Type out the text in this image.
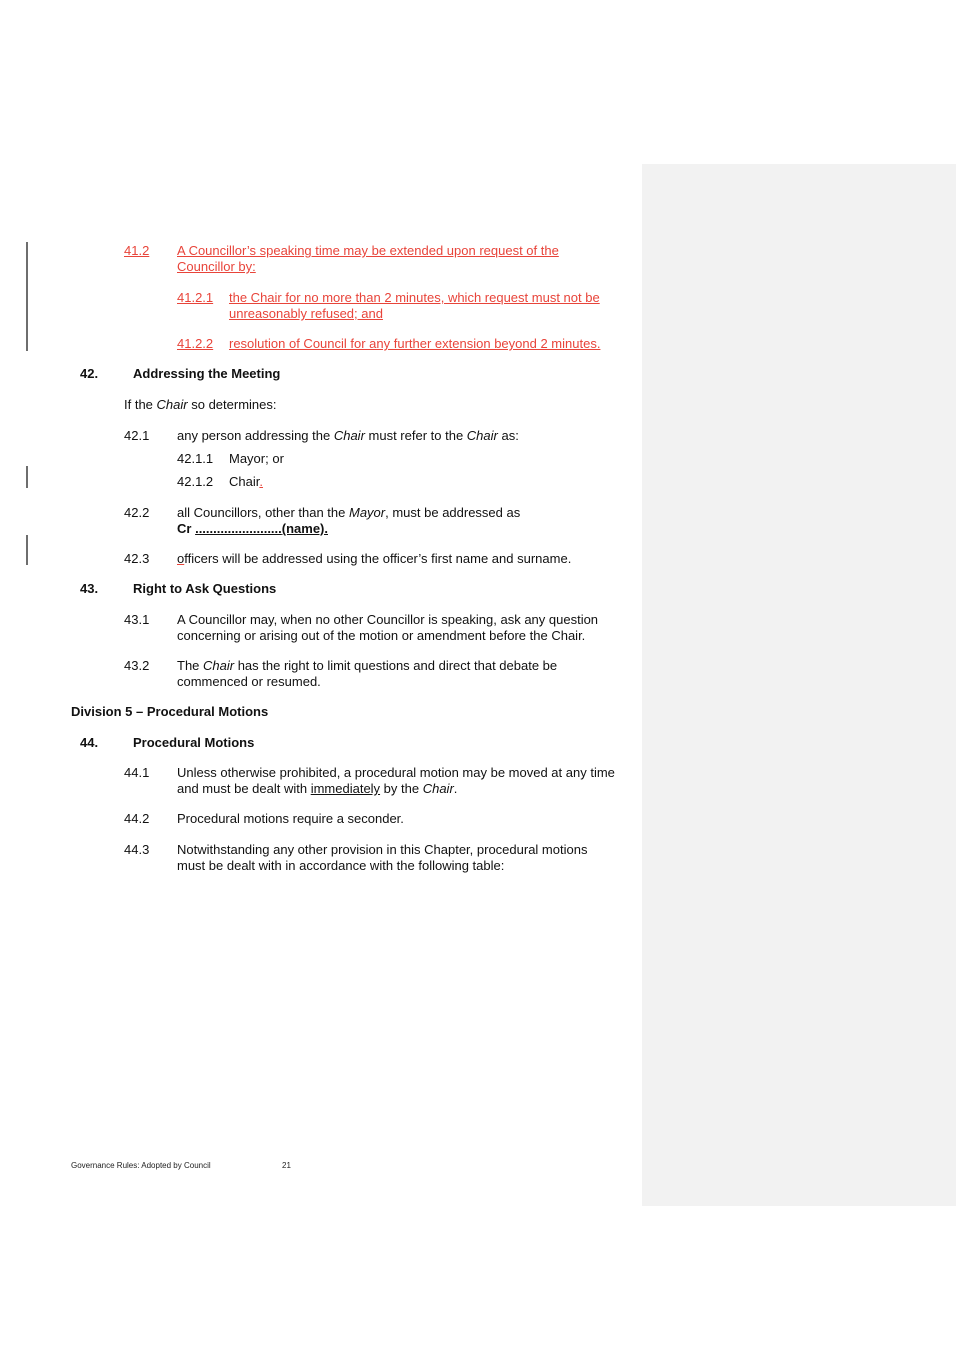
41.2 A Councillor’s speaking time may be extended upon request of the Councillor by:
41.2.1 the Chair for no more than 2 minutes, which request must not be unreasonably refused; and
41.2.2 resolution of Council for any further extension beyond 2 minutes.
42.	Addressing the Meeting
If the Chair so determines:
42.1 any person addressing the Chair must refer to the Chair as:
42.1.1 Mayor; or
42.1.2 Chair.
42.2 all Councillors, other than the Mayor, must be addressed as
Cr ........................(name).
42.3 officers will be addressed using the officer’s first name and surname.
43.	Right to Ask Questions
43.1 A Councillor may, when no other Councillor is speaking, ask any question concerning or arising out of the motion or amendment before the Chair.
43.2 The Chair has the right to limit questions and direct that debate be commenced or resumed.
Division 5 – Procedural Motions
44.	Procedural Motions
44.1 Unless otherwise prohibited, a procedural motion may be moved at any time and must be dealt with immediately by the Chair.
44.2 Procedural motions require a seconder.
44.3 Notwithstanding any other provision in this Chapter, procedural motions must be dealt with in accordance with the following table:
Governance Rules: Adopted by Council	21
